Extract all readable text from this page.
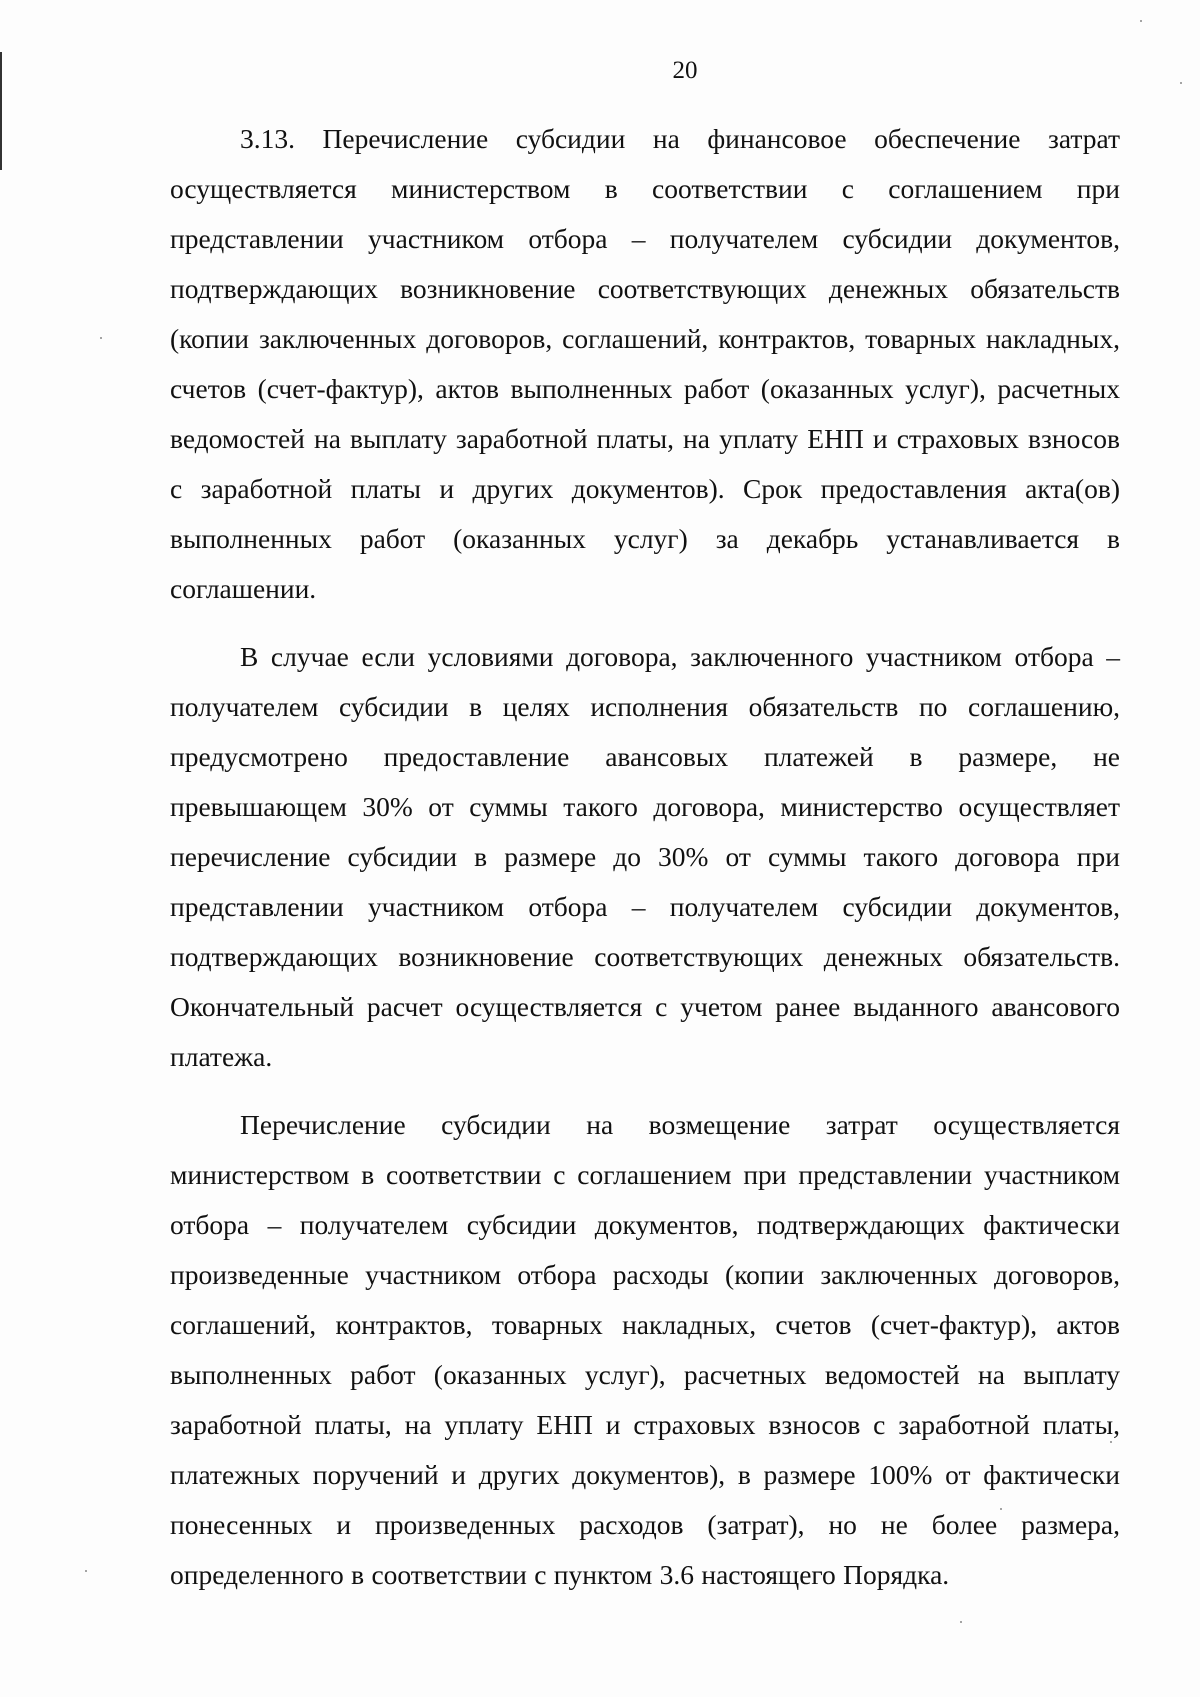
20

3.13. Перечисление субсидии на финансовое обеспечение затрат осуществляется министерством в соответствии с соглашением при представлении участником отбора – получателем субсидии документов, подтверждающих возникновение соответствующих денежных обязательств (копии заключенных договоров, соглашений, контрактов, товарных накладных, счетов (счет-фактур), актов выполненных работ (оказанных услуг), расчетных ведомостей на выплату заработной платы, на уплату ЕНП и страховых взносов с заработной платы и других документов). Срок предоставления акта(ов) выполненных работ (оказанных услуг) за декабрь устанавливается в соглашении.

В случае если условиями договора, заключенного участником отбора – получателем субсидии в целях исполнения обязательств по соглашению, предусмотрено предоставление авансовых платежей в размере, не превышающем 30% от суммы такого договора, министерство осуществляет перечисление субсидии в размере до 30% от суммы такого договора при представлении участником отбора – получателем субсидии документов, подтверждающих возникновение соответствующих денежных обязательств. Окончательный расчет осуществляется с учетом ранее выданного авансового платежа.

Перечисление субсидии на возмещение затрат осуществляется министерством в соответствии с соглашением при представлении участником отбора – получателем субсидии документов, подтверждающих фактически произведенные участником отбора расходы (копии заключенных договоров, соглашений, контрактов, товарных накладных, счетов (счет-фактур), актов выполненных работ (оказанных услуг), расчетных ведомостей на выплату заработной платы, на уплату ЕНП и страховых взносов с заработной платы, платежных поручений и других документов), в размере 100% от фактически понесенных и произведенных расходов (затрат), но не более размера, определенного в соответствии с пунктом 3.6 настоящего Порядка.
